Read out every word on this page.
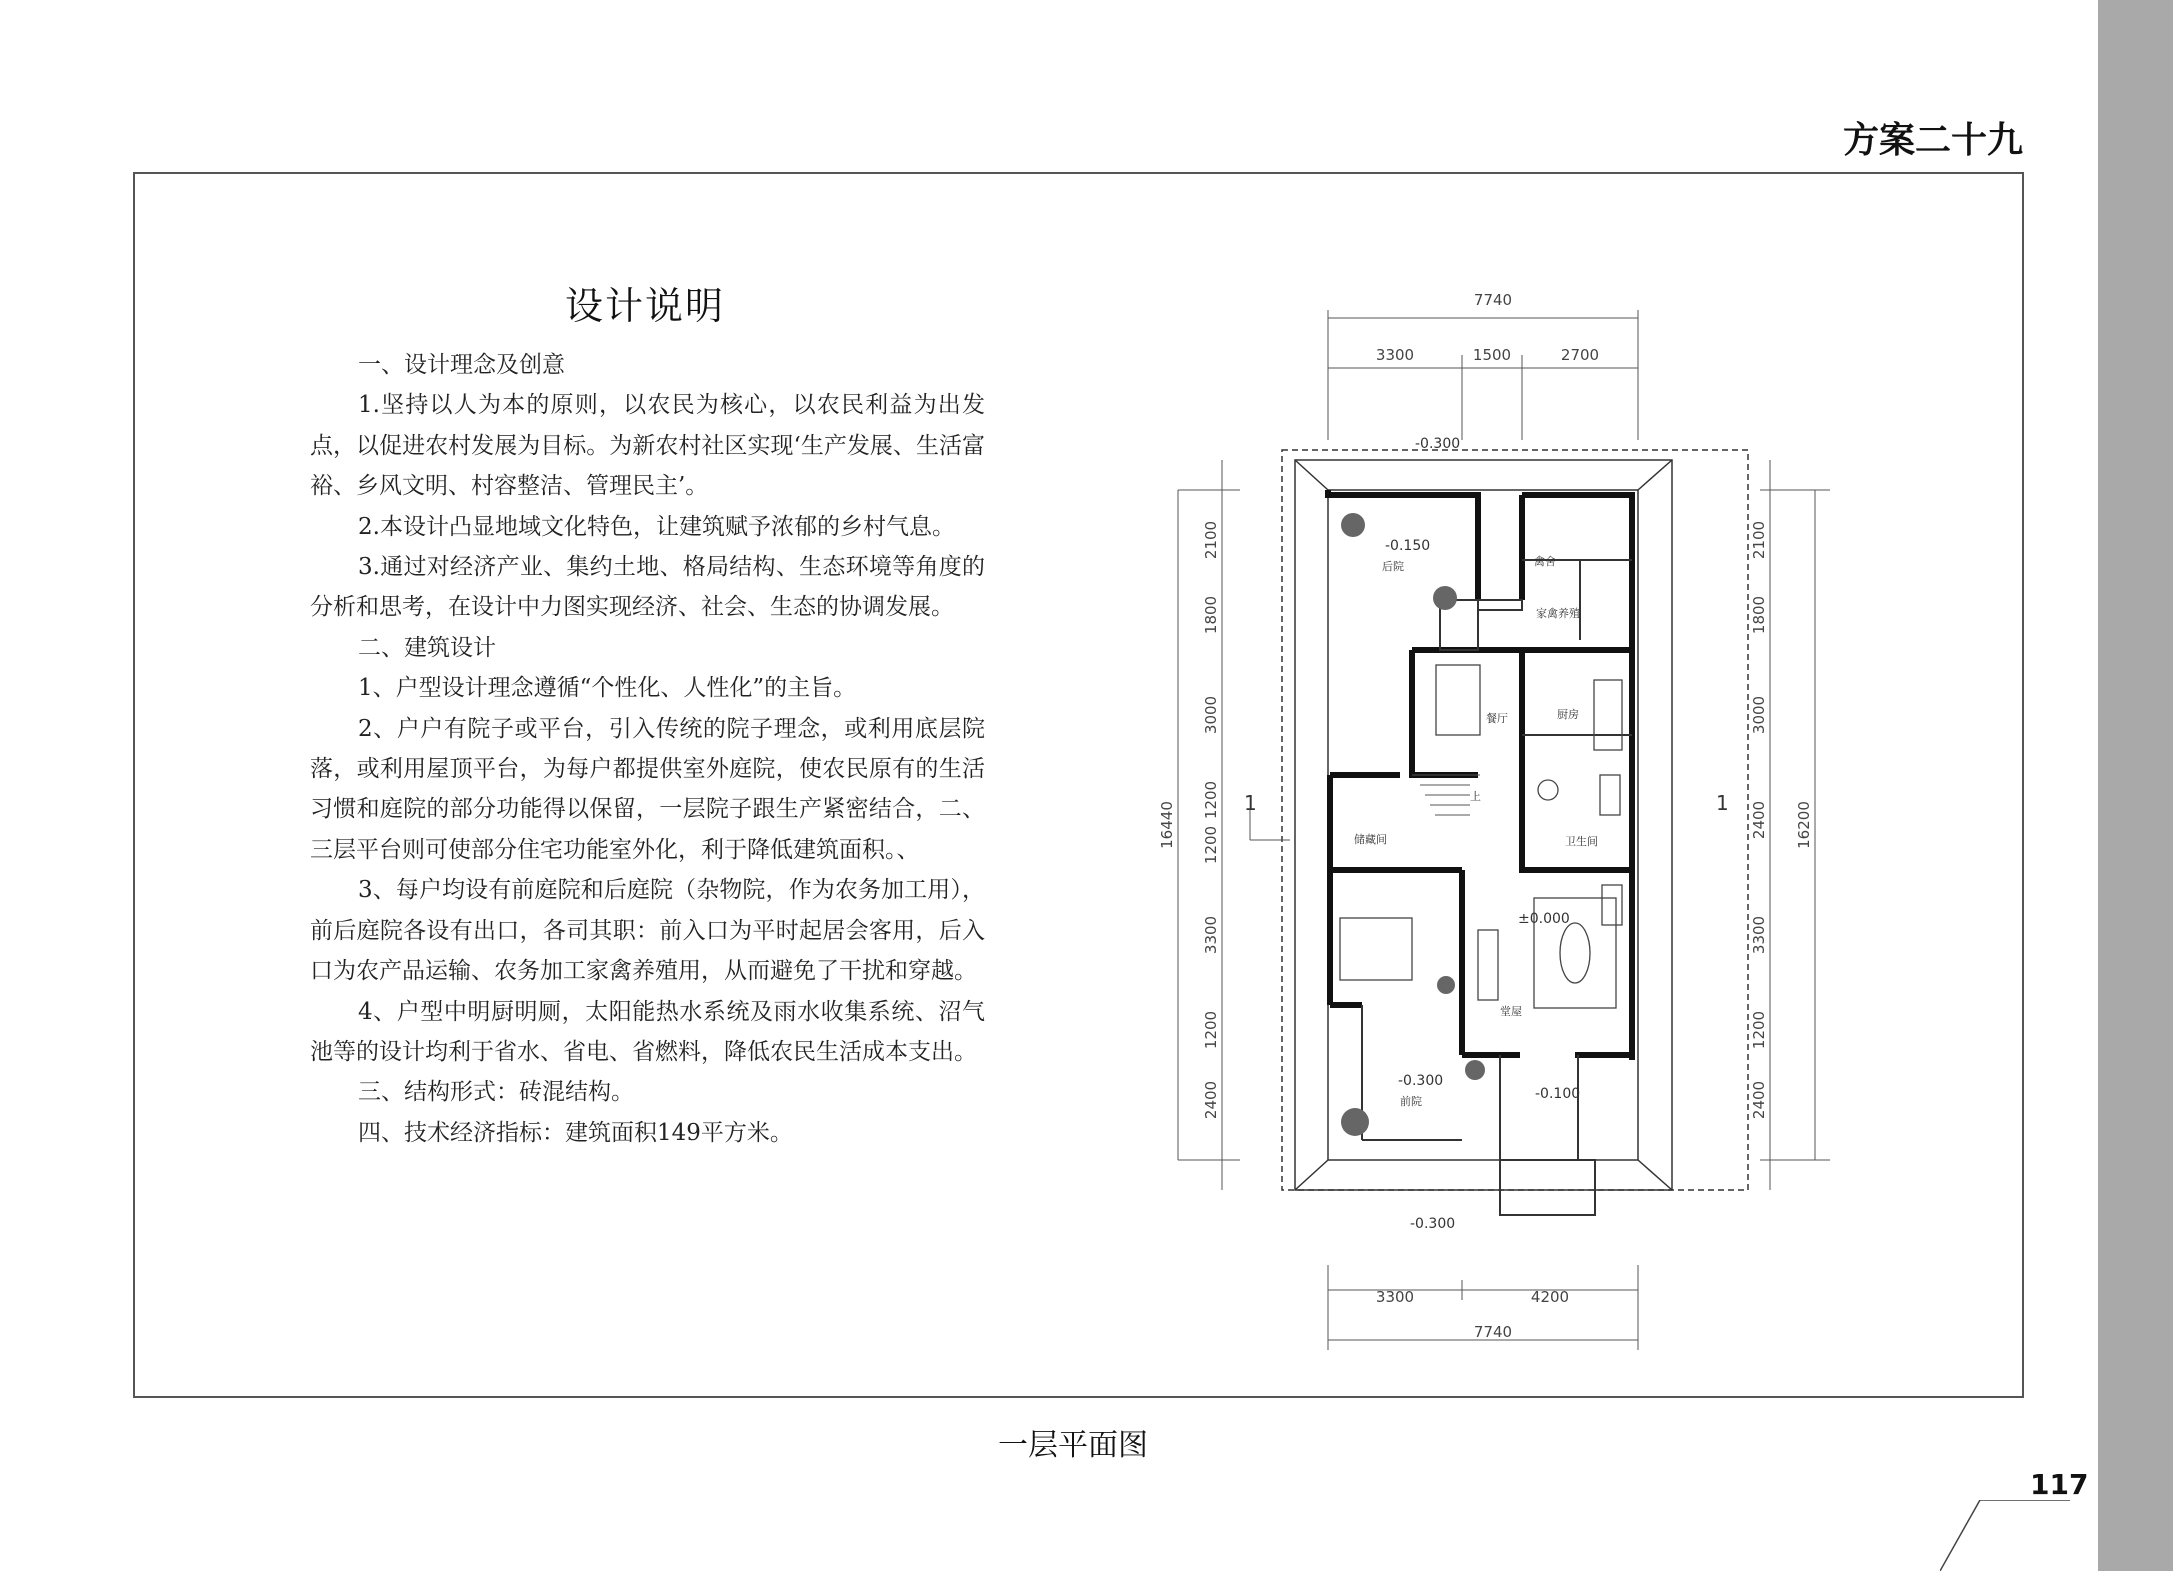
方案二十九
设计说明

一、设计理念及创意

1.坚持以人为本的原则，以农民为核心，以农民利益为出发点，以促进农村发展为目标。为新农村社区实现‘生产发展、生活富裕、乡风文明、村容整洁、管理民主’。

2.本设计凸显地域文化特色，让建筑赋予浓郁的乡村气息。

3.通过对经济产业、集约土地、格局结构、生态环境等角度的分析和思考，在设计中力图实现经济、社会、生态的协调发展。

二、建筑设计

1、户型设计理念遵循“个性化、人性化”的主旨。

2、户户有院子或平台，引入传统的院子理念，或利用底层院落，或利用屋顶平台，为每户都提供室外庭院，使农民原有的生活习惯和庭院的部分功能得以保留，一层院子跟生产紧密结合，二、三层平台则可使部分住宅功能室外化，利于降低建筑面积。、

3、每户均设有前庭院和后庭院（杂物院，作为农务加工用），前后庭院各设有出口，各司其职：前入口为平时起居会客用，后入口为农产品运输、农务加工家禽养殖用，从而避免了干扰和穿越。

4、户型中明厨明厕，太阳能热水系统及雨水收集系统、沼气池等的设计均利于省水、省电、省燃料，降低农民生活成本支出。

三、结构形式：砖混结构。

四、技术经济指标：建筑面积149平方米。

7740
3300	1500	2700
3300	4200
7740
2100
1800
3000
1200
1200
3300
1200
2400
16440
2100
1800
3000
2400
3300
1200
2400
16200
1	1
-0.300
-0.150
±0.000
-0.300
-0.100
-0.300
后院	禽舍
家禽养殖
餐厅	厨房
储藏间	卫生间
堂屋
前院
上
一层平面图
117
